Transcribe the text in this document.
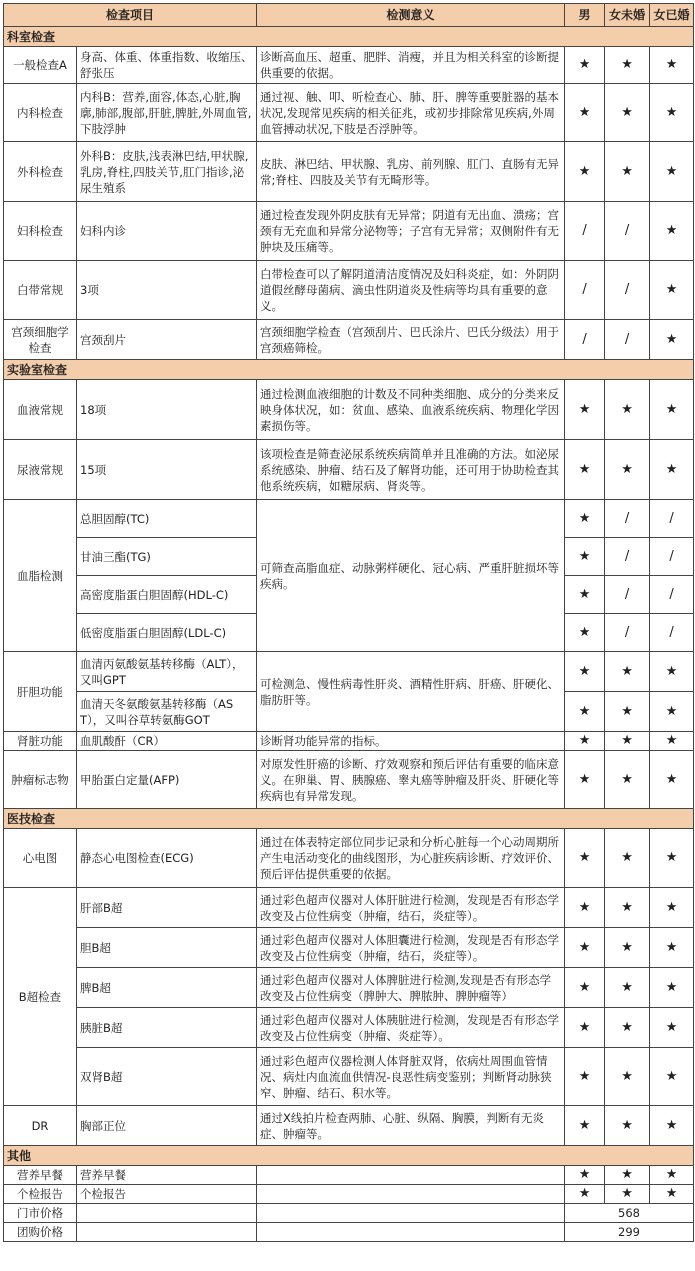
检查项目		检测意义	男	女未婚	女已婚
科室检查					
一般检查A	身高、体重、体重指数、收缩压、舒张压	诊断高血压、超重、肥胖、消瘦，并且为相关科室的诊断提供重要的依据。	★	★	★
内科检查	内科B：营养,面容,体态,心脏,胸廓,肺部,腹部,肝脏,脾脏,外周血管,下肢浮肿	通过视、触、叩、听检查心、肺、肝、脾等重要脏器的基本状况,发现常见疾病的相关征兆，或初步排除常见疾病,外周血管搏动状况,下肢是否浮肿等。	★	★	★
外科检查	外科B：皮肤,浅表淋巴结,甲状腺,乳房,脊柱,四肢关节,肛门指诊,泌尿生殖系	皮肤、淋巴结、甲状腺、乳房、前列腺、肛门、直肠有无异常;脊柱、四肢及关节有无畸形等。	★	★	★
妇科检查	妇科内诊	通过检查发现外阴皮肤有无异常；阴道有无出血、溃疡；宫颈有无充血和异常分泌物等；子宫有无异常；双侧附件有无肿块及压痛等。	/	/	★
白带常规	3项	白带检查可以了解阴道清洁度情况及妇科炎症，如：外阴阴道假丝酵母菌病、滴虫性阴道炎及性病等均具有重要的意义。	/	/	★
宫颈细胞学检查	宫颈刮片	宫颈细胞学检查（宫颈刮片、巴氏涂片、巴氏分级法）用于宫颈癌筛检。	/	/	★
实验室检查					
血液常规	18项	通过检测血液细胞的计数及不同种类细胞、成分的分类来反映身体状况，如：贫血、感染、血液系统疾病、物理化学因素损伤等。	★	★	★
尿液常规	15项	该项检查是筛查泌尿系统疾病简单并且准确的方法。如泌尿系统感染、肿瘤、结石及了解肾功能，还可用于协助检查其他系统疾病，如糖尿病、肾炎等。	★	★	★
血脂检测	总胆固醇(TC)	可筛查高脂血症、动脉粥样硬化、冠心病、严重肝脏损坏等疾病。	★	/	/
	甘油三酯(TG)		★	/	/
	高密度脂蛋白胆固醇(HDL-C)		★	/	/
	低密度脂蛋白胆固醇(LDL-C)		★	/	/
肝胆功能	血清丙氨酸氨基转移酶（ALT），又叫GPT	可检测急、慢性病毒性肝炎、酒精性肝病、肝癌、肝硬化、脂肪肝等。	★	★	★
	血清天冬氨酸氨基转移酶（AST），又叫谷草转氨酶GOT		★	★	★
肾脏功能	血肌酸酐（CR）	诊断肾功能异常的指标。	★	★	★
肿瘤标志物	甲胎蛋白定量(AFP)	对原发性肝癌的诊断、疗效观察和预后评估有重要的临床意义。在卵巢、胃、胰腺癌、睾丸癌等肿瘤及肝炎、肝硬化等疾病也有异常发现。	★	★	★
医技检查					
心电图	静态心电图检查(ECG)	通过在体表特定部位同步记录和分析心脏每一个心动周期所产生电活动变化的曲线图形，为心脏疾病诊断、疗效评价、预后评估提供重要的依据。	★	★	★
B超检查	肝部B超	通过彩色超声仪器对人体肝脏进行检测，发现是否有形态学改变及占位性病变（肿瘤，结石，炎症等）。	★	★	★
	胆B超	通过彩色超声仪器对人体胆囊进行检测，发现是否有形态学改变及占位性病变（肿瘤，结石，炎症等）。	★	★	★
	脾B超	通过彩色超声仪器对人体脾脏进行检测,发现是否有形态学改变及占位性病变（脾肿大、脾脓肿、脾肿瘤等）	★	★	★
	胰脏B超	通过彩色超声仪器对人体胰脏进行检测，发现是否有形态学改变及占位性病变（肿瘤、炎症等）。	★	★	★
	双肾B超	通过彩色超声仪器检测人体肾脏双肾，依病灶周围血管情况、病灶内血流血供情况-良恶性病变鉴别；判断肾动脉狭窄、肿瘤、结石、积水等。	★	★	★
DR	胸部正位	通过X线拍片检查两肺、心脏、纵隔、胸膜，判断有无炎症、肿瘤等。	★	★	★
其他					
营养早餐	营养早餐		★	★	★
个检报告	个检报告		★	★	★
门市价格			568		
团购价格			299		
